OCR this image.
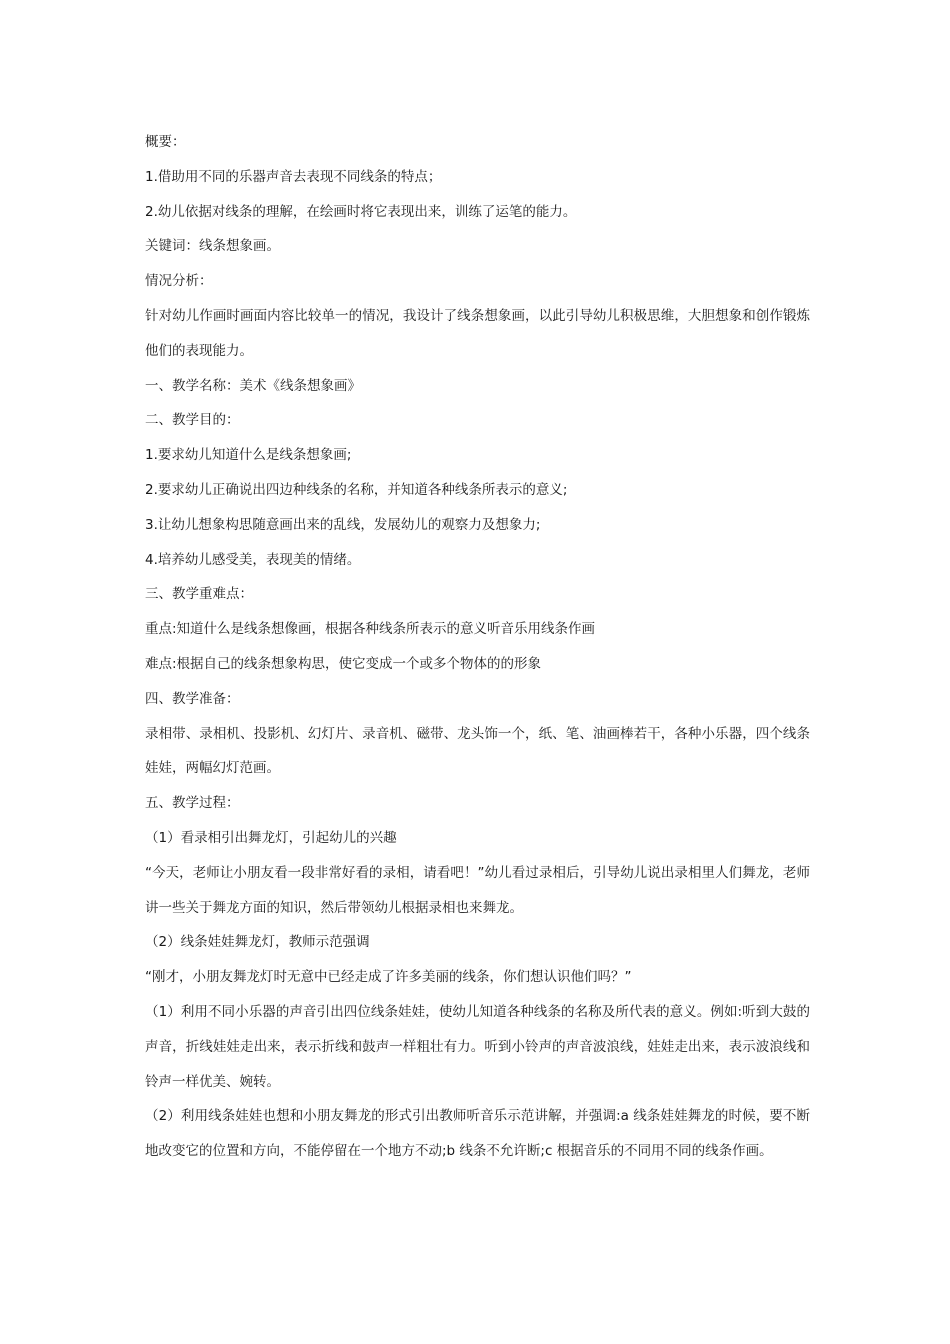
概要：

1.借助用不同的乐器声音去表现不同线条的特点；

2.幼儿依据对线条的理解，在绘画时将它表现出来，训练了运笔的能力。

关键词：线条想象画。

情况分析：

针对幼儿作画时画面内容比较单一的情况，我设计了线条想象画，以此引导幼儿积极思维，大胆想象和创作锻炼他们的表现能力。

一、教学名称：美术《线条想象画》

二、教学目的：

1.要求幼儿知道什么是线条想象画;

2.要求幼儿正确说出四边种线条的名称，并知道各种线条所表示的意义;

3.让幼儿想象构思随意画出来的乱线，发展幼儿的观察力及想象力;

4.培养幼儿感受美，表现美的情绪。

三、教学重难点：

重点:知道什么是线条想像画，根据各种线条所表示的意义听音乐用线条作画

难点:根据自己的线条想象构思，使它变成一个或多个物体的的形象

四、教学准备：

录相带、录相机、投影机、幻灯片、录音机、磁带、龙头饰一个，纸、笔、油画棒若干，各种小乐器，四个线条娃娃，两幅幻灯范画。

五、教学过程：

（1）看录相引出舞龙灯，引起幼儿的兴趣

“今天，老师让小朋友看一段非常好看的录相，请看吧！”幼儿看过录相后，引导幼儿说出录相里人们舞龙，老师讲一些关于舞龙方面的知识，然后带领幼儿根据录相也来舞龙。

（2）线条娃娃舞龙灯，教师示范强调

“刚才，小朋友舞龙灯时无意中已经走成了许多美丽的线条，你们想认识他们吗？”

（1）利用不同小乐器的声音引出四位线条娃娃，使幼儿知道各种线条的名称及所代表的意义。例如:听到大鼓的声音，折线娃娃走出来，表示折线和鼓声一样粗壮有力。听到小铃声的声音波浪线，娃娃走出来，表示波浪线和铃声一样优美、婉转。

（2）利用线条娃娃也想和小朋友舞龙的形式引出教师听音乐示范讲解，并强调:a 线条娃娃舞龙的时候，要不断地改变它的位置和方向，不能停留在一个地方不动;b 线条不允许断;c 根据音乐的不同用不同的线条作画。
